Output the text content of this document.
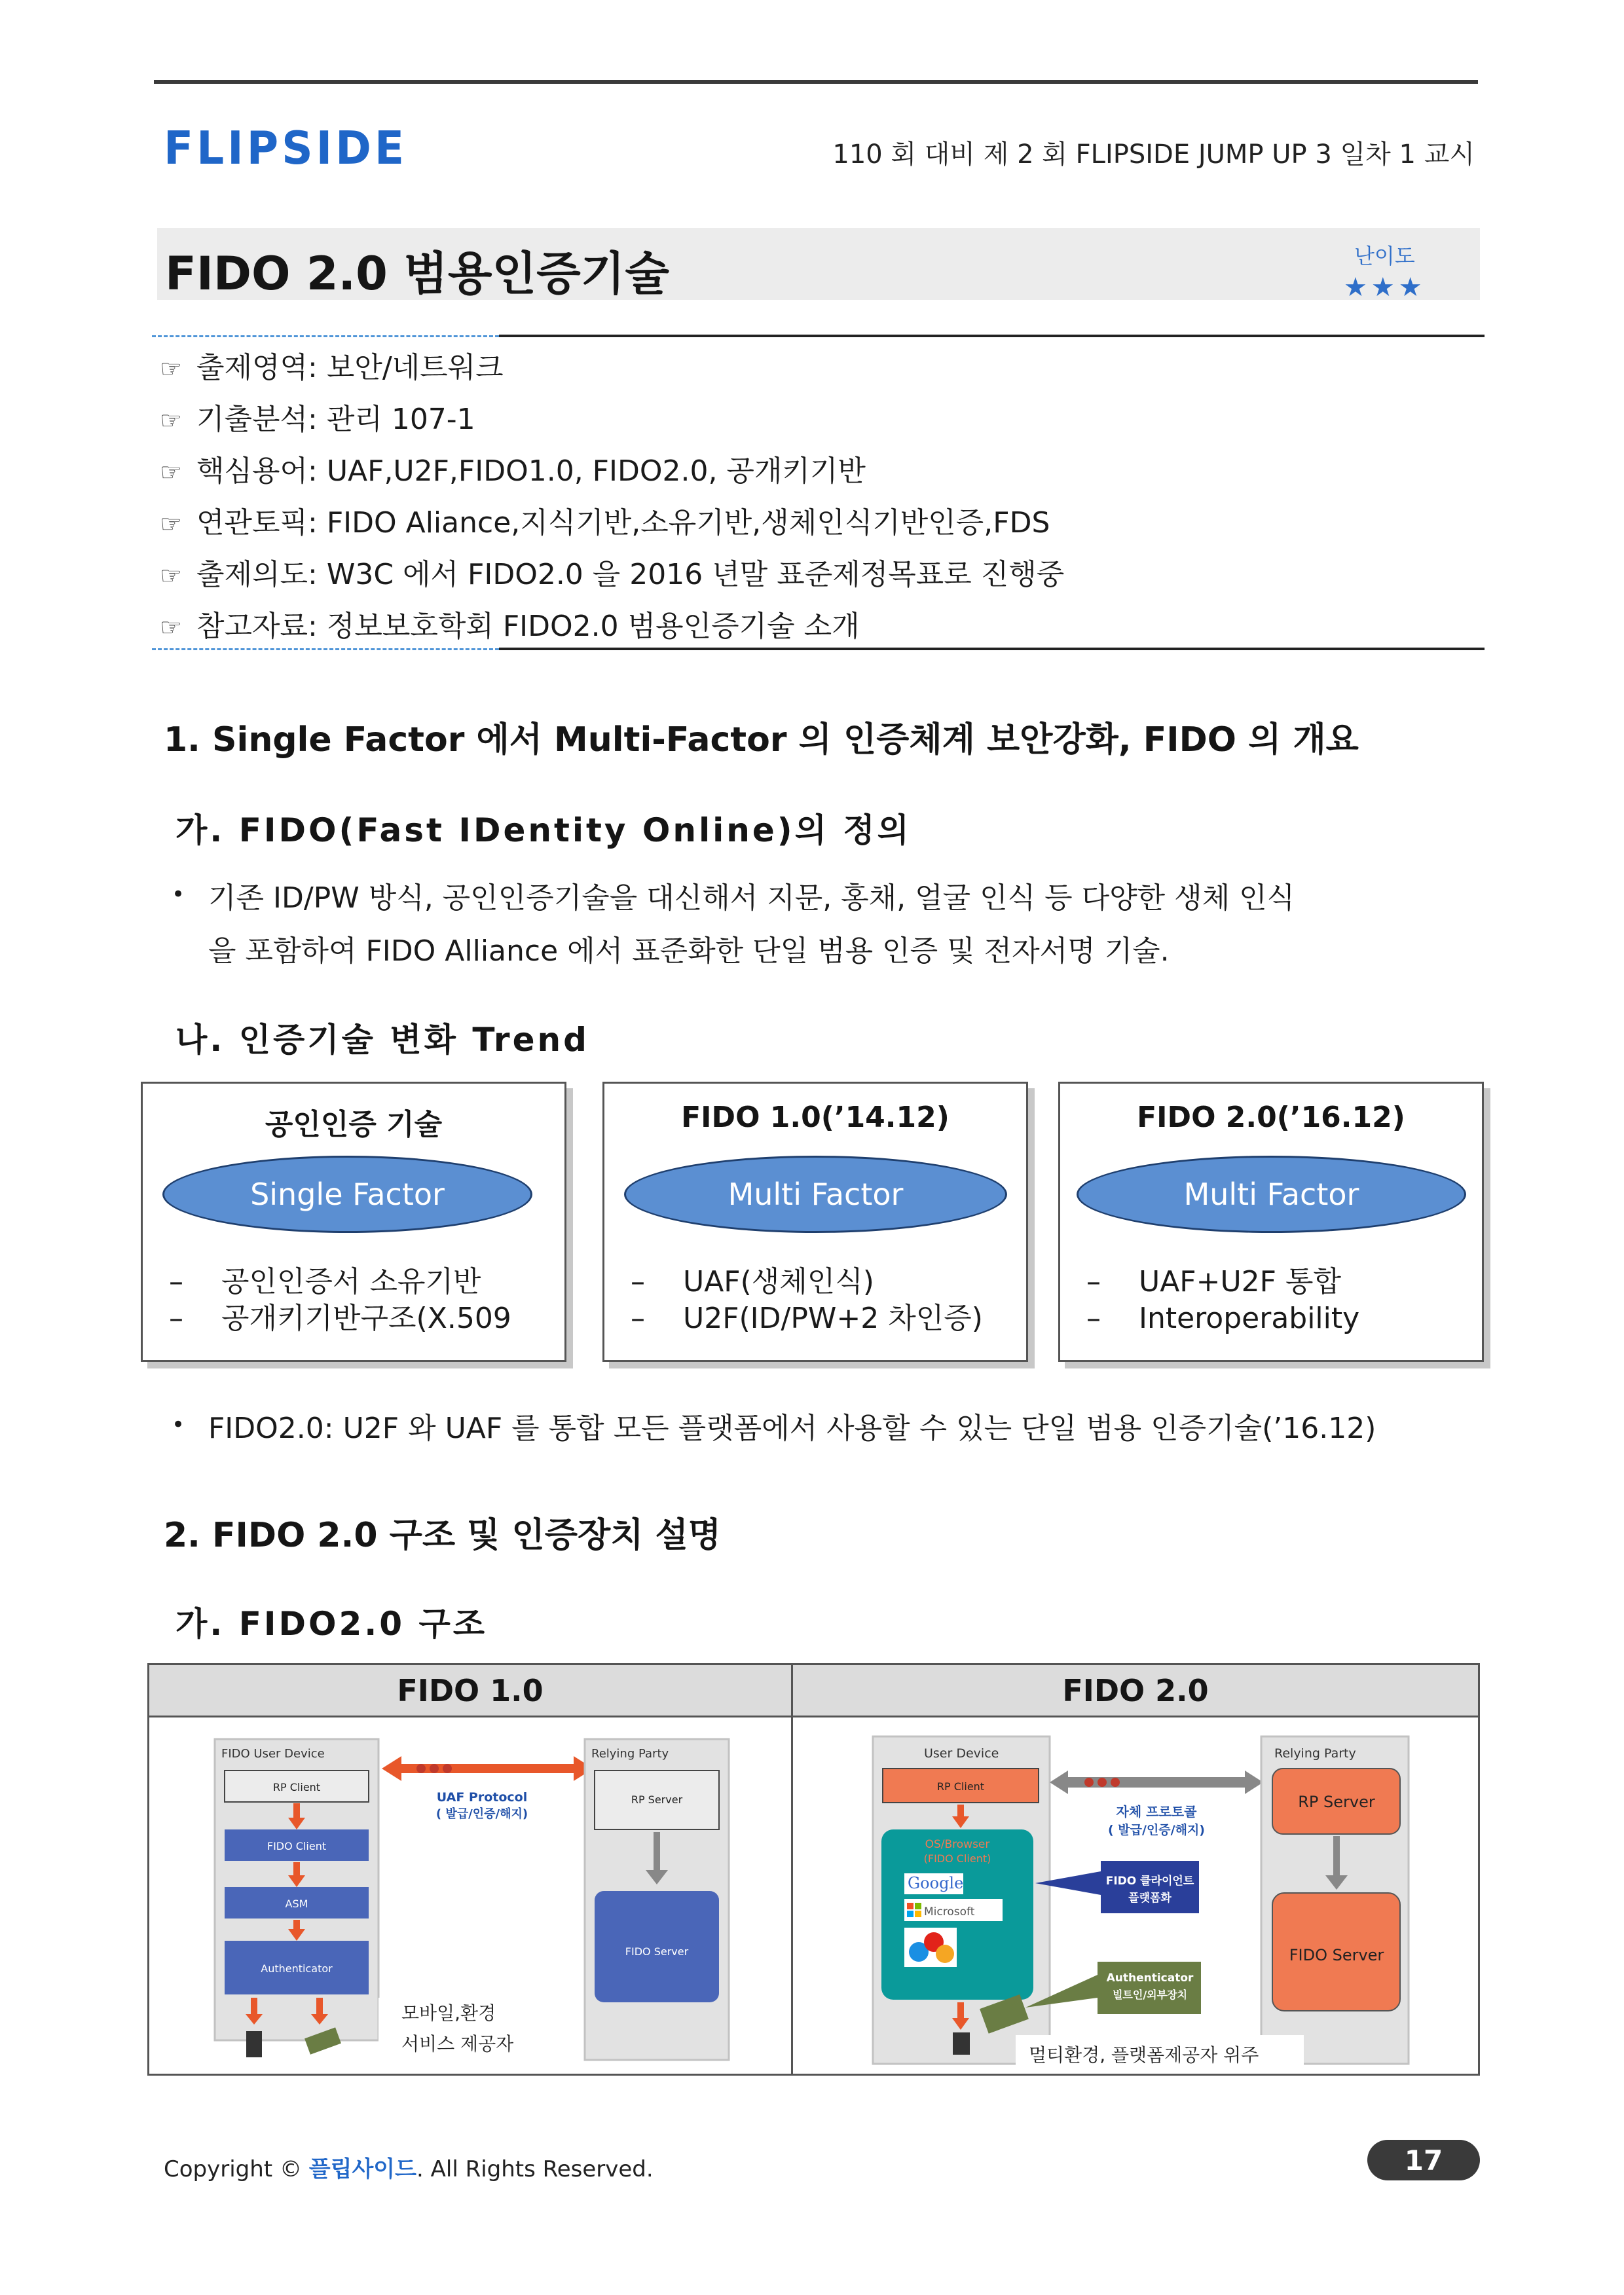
FLIPSIDE	110 회 대비 제 2 회 FLIPSIDE JUMP UP 3 일차 1 교시
FIDO 2.0 범용인증기술	난이도
★★★
☞ 출제영역: 보안/네트워크
☞ 기출분석: 관리 107-1
☞ 핵심용어: UAF,U2F,FIDO1.0, FIDO2.0, 공개키기반
☞ 연관토픽: FIDO Aliance,지식기반,소유기반,생체인식기반인증,FDS
☞ 출제의도: W3C 에서 FIDO2.0 을 2016 년말 표준제정목표로 진행중
☞ 참고자료: 정보보호학회 FIDO2.0 범용인증기술 소개
1. Single Factor 에서 Multi-Factor 의 인증체계 보안강화, FIDO 의 개요
가. FIDO(Fast IDentity Online)의 정의
• 기존 ID/PW 방식, 공인인증기술을 대신해서 지문, 홍채, 얼굴 인식 등 다양한 생체 인식
을 포함하여 FIDO Alliance 에서 표준화한 단일 범용 인증 및 전자서명 기술.
나. 인증기술 변화 Trend
공인인증 기술
Single Factor
– 공인인증서 소유기반
– 공개키기반구조(X.509
FIDO 1.0(’14.12)
Multi Factor
– UAF(생체인식)
– U2F(ID/PW+2 차인증)
FIDO 2.0(’16.12)
Multi Factor
– UAF+U2F 통합
– Interoperability
• FIDO2.0: U2F 와 UAF 를 통합 모든 플랫폼에서 사용할 수 있는 단일 범용 인증기술(’16.12)
2. FIDO 2.0 구조 및 인증장치 설명
가. FIDO2.0 구조
FIDO 1.0	FIDO 2.0
FIDO User Device
RP Client
FIDO Client
ASM
Authenticator
UAF Protocol
( 발급/인증/해지)
Relying Party
RP Server
FIDO Server
모바일,환경
서비스 제공자
User Device
RP Client
OS/Browser
(FIDO Client)
Google
Microsoft
자체 프로토콜
( 발급/인증/해지)
FIDO 클라이언트
플랫폼화
Authenticator
빌트인/외부장치
Relying Party
RP Server
FIDO Server
멀티환경, 플랫폼제공자 위주
Copyright © 플립사이드. All Rights Reserved.	17
